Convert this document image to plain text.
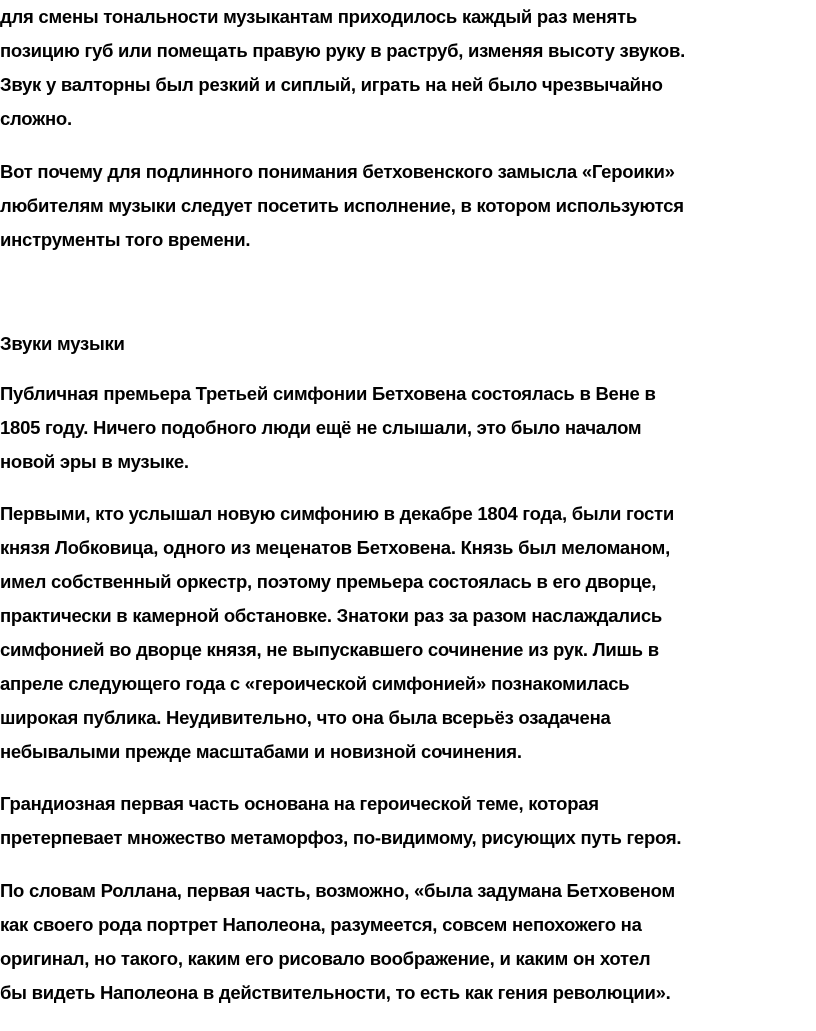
для смены тональности музыкантам приходилось каждый раз менять
позицию губ или помещать правую руку в раструб, изменяя высоту звуков.
Звук у валторны был резкий и сиплый, играть на ней было чрезвычайно
сложно.

Вот почему для подлинного понимания бетховенского замысла «Героики»
любителям музыки следует посетить исполнение, в котором используются
инструменты того времени.

Звуки музыки

Публичная премьера Третьей симфонии Бетховена состоялась в Вене в
1805 году. Ничего подобного люди ещё не слышали, это было началом
новой эры в музыке.

Первыми, кто услышал новую симфонию в декабре 1804 года, были гости
князя Лобковица, одного из меценатов Бетховена. Князь был меломаном,
имел собственный оркестр, поэтому премьера состоялась в его дворце,
практически в камерной обстановке. Знатоки раз за разом наслаждались
симфонией во дворце князя, не выпускавшего сочинение из рук. Лишь в
апреле следующего года с «героической симфонией» познакомилась
широкая публика. Неудивительно, что она была всерьёз озадачена
небывалыми прежде масштабами и новизной сочинения.

Грандиозная первая часть основана на героической теме, которая
претерпевает множество метаморфоз, по-видимому, рисующих путь героя.

По словам Роллана, первая часть, возможно, «была задумана Бетховеном
как своего рода портрет Наполеона, разумеется, совсем непохожего на
оригинал, но такого, каким его рисовало воображение, и каким он хотел
бы видеть Наполеона в действительности, то есть как гения революции».
